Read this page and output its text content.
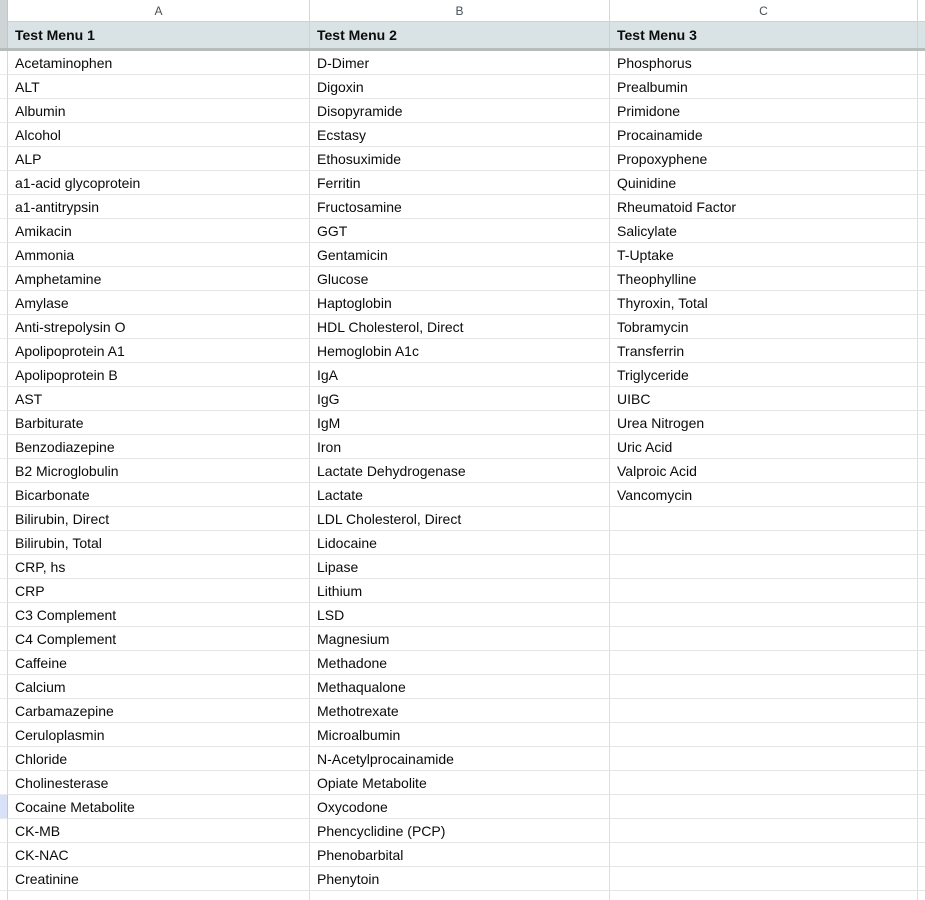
A	B	C
Test Menu 1	Test Menu 2	Test Menu 3
Acetaminophen	D-Dimer	Phosphorus
ALT	Digoxin	Prealbumin
Albumin	Disopyramide	Primidone
Alcohol	Ecstasy	Procainamide
ALP	Ethosuximide	Propoxyphene
a1-acid glycoprotein	Ferritin	Quinidine
a1-antitrypsin	Fructosamine	Rheumatoid Factor
Amikacin	GGT	Salicylate
Ammonia	Gentamicin	T-Uptake
Amphetamine	Glucose	Theophylline
Amylase	Haptoglobin	Thyroxin, Total
Anti-strepolysin O	HDL Cholesterol, Direct	Tobramycin
Apolipoprotein A1	Hemoglobin A1c	Transferrin
Apolipoprotein B	IgA	Triglyceride
AST	IgG	UIBC
Barbiturate	IgM	Urea Nitrogen
Benzodiazepine	Iron	Uric Acid
B2 Microglobulin	Lactate Dehydrogenase	Valproic Acid
Bicarbonate	Lactate	Vancomycin
Bilirubin, Direct	LDL Cholesterol, Direct
Bilirubin, Total	Lidocaine
CRP, hs	Lipase
CRP	Lithium
C3 Complement	LSD
C4 Complement	Magnesium
Caffeine	Methadone
Calcium	Methaqualone
Carbamazepine	Methotrexate
Ceruloplasmin	Microalbumin
Chloride	N-Acetylprocainamide
Cholinesterase	Opiate Metabolite
Cocaine Metabolite	Oxycodone
CK-MB	Phencyclidine (PCP)
CK-NAC	Phenobarbital
Creatinine	Phenytoin
